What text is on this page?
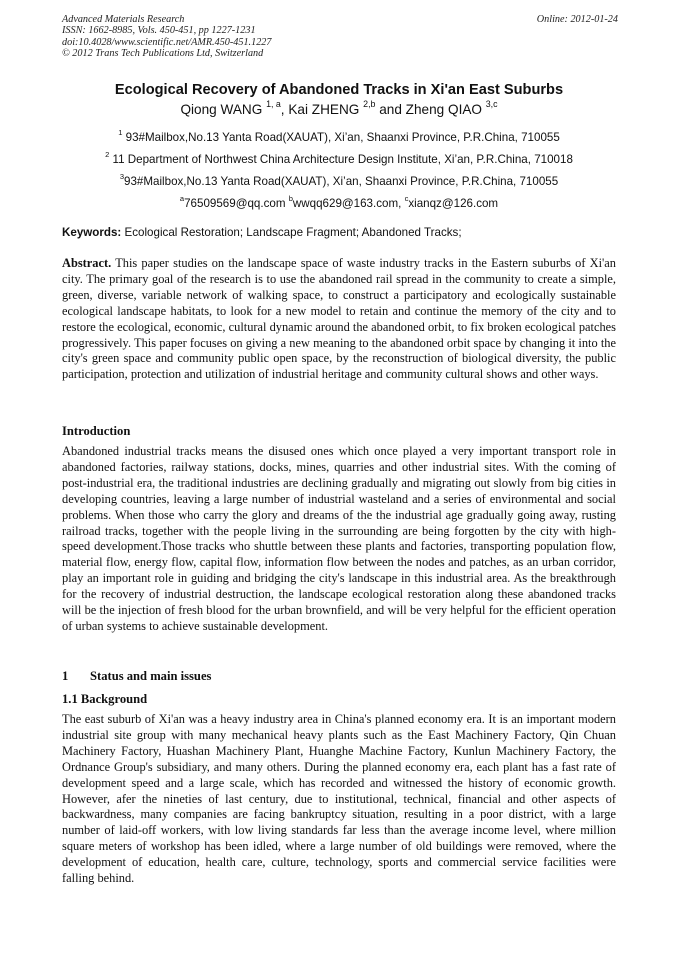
Advanced Materials Research
ISSN: 1662-8985, Vols. 450-451, pp 1227-1231
doi:10.4028/www.scientific.net/AMR.450-451.1227
© 2012 Trans Tech Publications Ltd, Switzerland
Online: 2012-01-24
Ecological Recovery of Abandoned Tracks in Xi'an East Suburbs
Qiong WANG $^{1, a}$, Kai ZHENG $^{2,b}$ and Zheng QIAO $^{3,c}$
$^1$ 93#Mailbox,No.13 Yanta Road(XAUAT), Xi’an, Shaanxi Province, P.R.China, 710055
$^2$ 11 Department of Northwest China Architecture Design Institute, Xi’an, P.R.China, 710018
$^3$93#Mailbox,No.13 Yanta Road(XAUAT), Xi’an, Shaanxi Province, P.R.China, 710055
$^a$76509569@qq.com $^b$wwqq629@163.com, $^c$xianqz@126.com
Keywords: Ecological Restoration; Landscape Fragment; Abandoned Tracks;
Abstract. This paper studies on the landscape space of waste industry tracks in the Eastern suburbs of Xi'an city. The primary goal of the research is to use the abandoned rail spread in the community to create a simple, green, diverse, variable network of walking space, to construct a participatory and ecologically sustainable ecological landscape habitats, to look for a new model to retain and continue the memory of the city and to restore the ecological, economic, cultural dynamic around the abandoned orbit, to fix broken ecological patches progressively. This paper focuses on giving a new meaning to the abandoned orbit space by changing it into the city's green space and community public open space, by the reconstruction of biological diversity, the public participation, protection and utilization of industrial heritage and community cultural shows and other ways.
Introduction
Abandoned industrial tracks means the disused ones which once played a very important transport role in abandoned factories, railway stations, docks, mines, quarries and other industrial sites. With the coming of post-industrial era, the traditional industries are declining gradually and migrating out slowly from big cities in developing countries, leaving a large number of industrial wasteland and a series of environmental and social problems. When those who carry the glory and dreams of the the industrial age gradually going away, rusting railroad tracks, together with the people living in the surrounding are being forgotten by the city with high-speed development.Those tracks who shuttle between these plants and factories, transporting population flow, material flow, energy flow, capital flow, information flow between the nodes and patches, as an urban corridor, play an important role in guiding and bridging the city's landscape in this industrial area. As the breakthrough for the recovery of industrial destruction, the landscape ecological restoration along these abandoned tracks will be the injection of fresh blood for the urban brownfield, and will be very helpful for the efficient operation of urban systems to achieve sustainable development.
1 Status and main issues
1.1 Background
The east suburb of Xi'an was a heavy industry area in China's planned economy era. It is an important modern industrial site group with many mechanical heavy plants such as the East Machinery Factory, Qin Chuan Machinery Factory, Huashan Machinery Plant, Huanghe Machine Factory, Kunlun Machinery Factory, the Ordnance Group's subsidiary, and many others. During the planned economy era, each plant has a fast rate of development speed and a large scale, which has recorded and witnessed the history of economic growth. However, afer the nineties of last century, due to institutional, technical, financial and other aspects of backwardness, many companies are facing bankruptcy situation, resulting in a poor district, with a large number of laid-off workers, with low living standards far less than the average income level, where million square meters of workshop has been idled, where a large number of old buildings were removed, where the development of education, health care, culture, technology, sports and commercial service facilities were falling behind.
